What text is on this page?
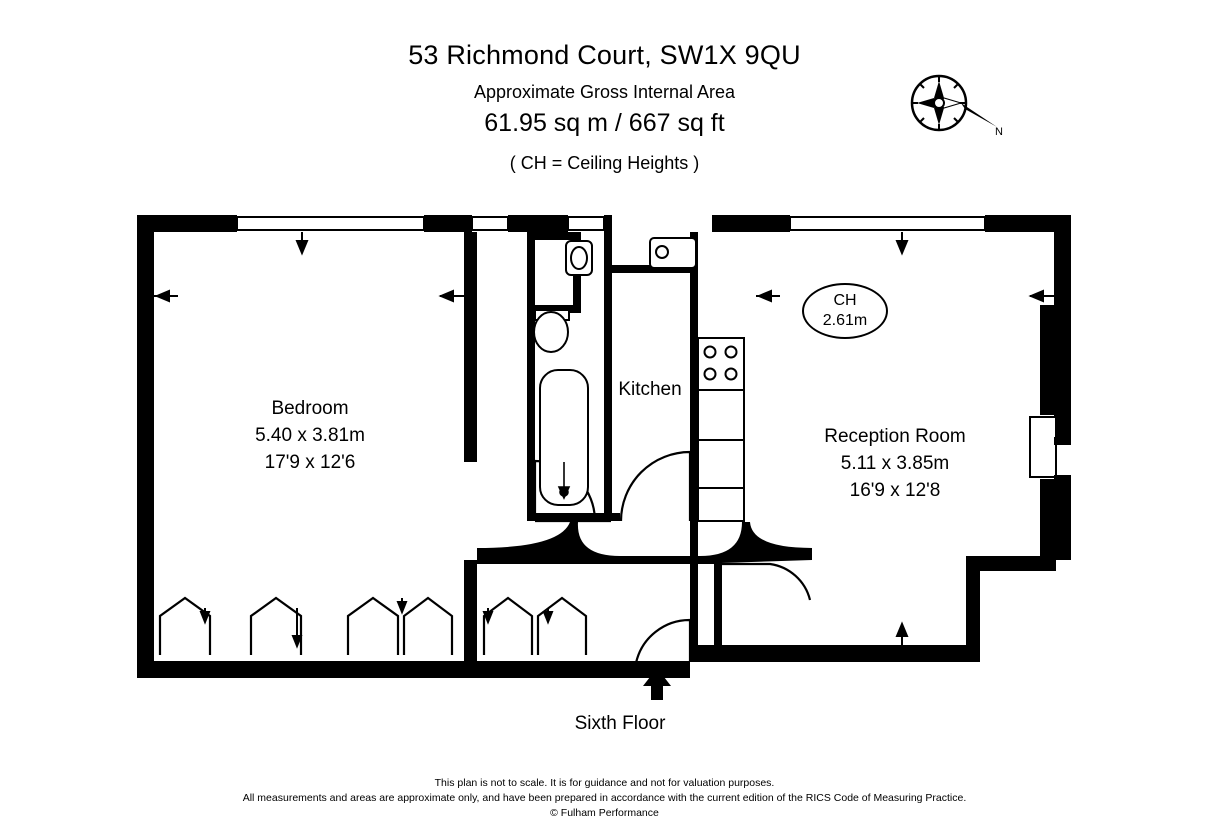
53 Richmond Court, SW1X 9QU
Approximate Gross Internal Area
61.95 sq m / 667 sq ft
( CH = Ceiling Heights )
N
Bedroom
5.40 x 3.81m
17'9 x 12'6
Reception Room
5.11 x 3.85m
16'9 x 12'8
Kitchen
CH
2.61m
Sixth Floor
This plan is not to scale. It is for guidance and not for valuation purposes.
All measurements and areas are approximate only, and have been prepared in accordance with the current edition of the RICS Code of Measuring Practice.
© Fulham Performance
